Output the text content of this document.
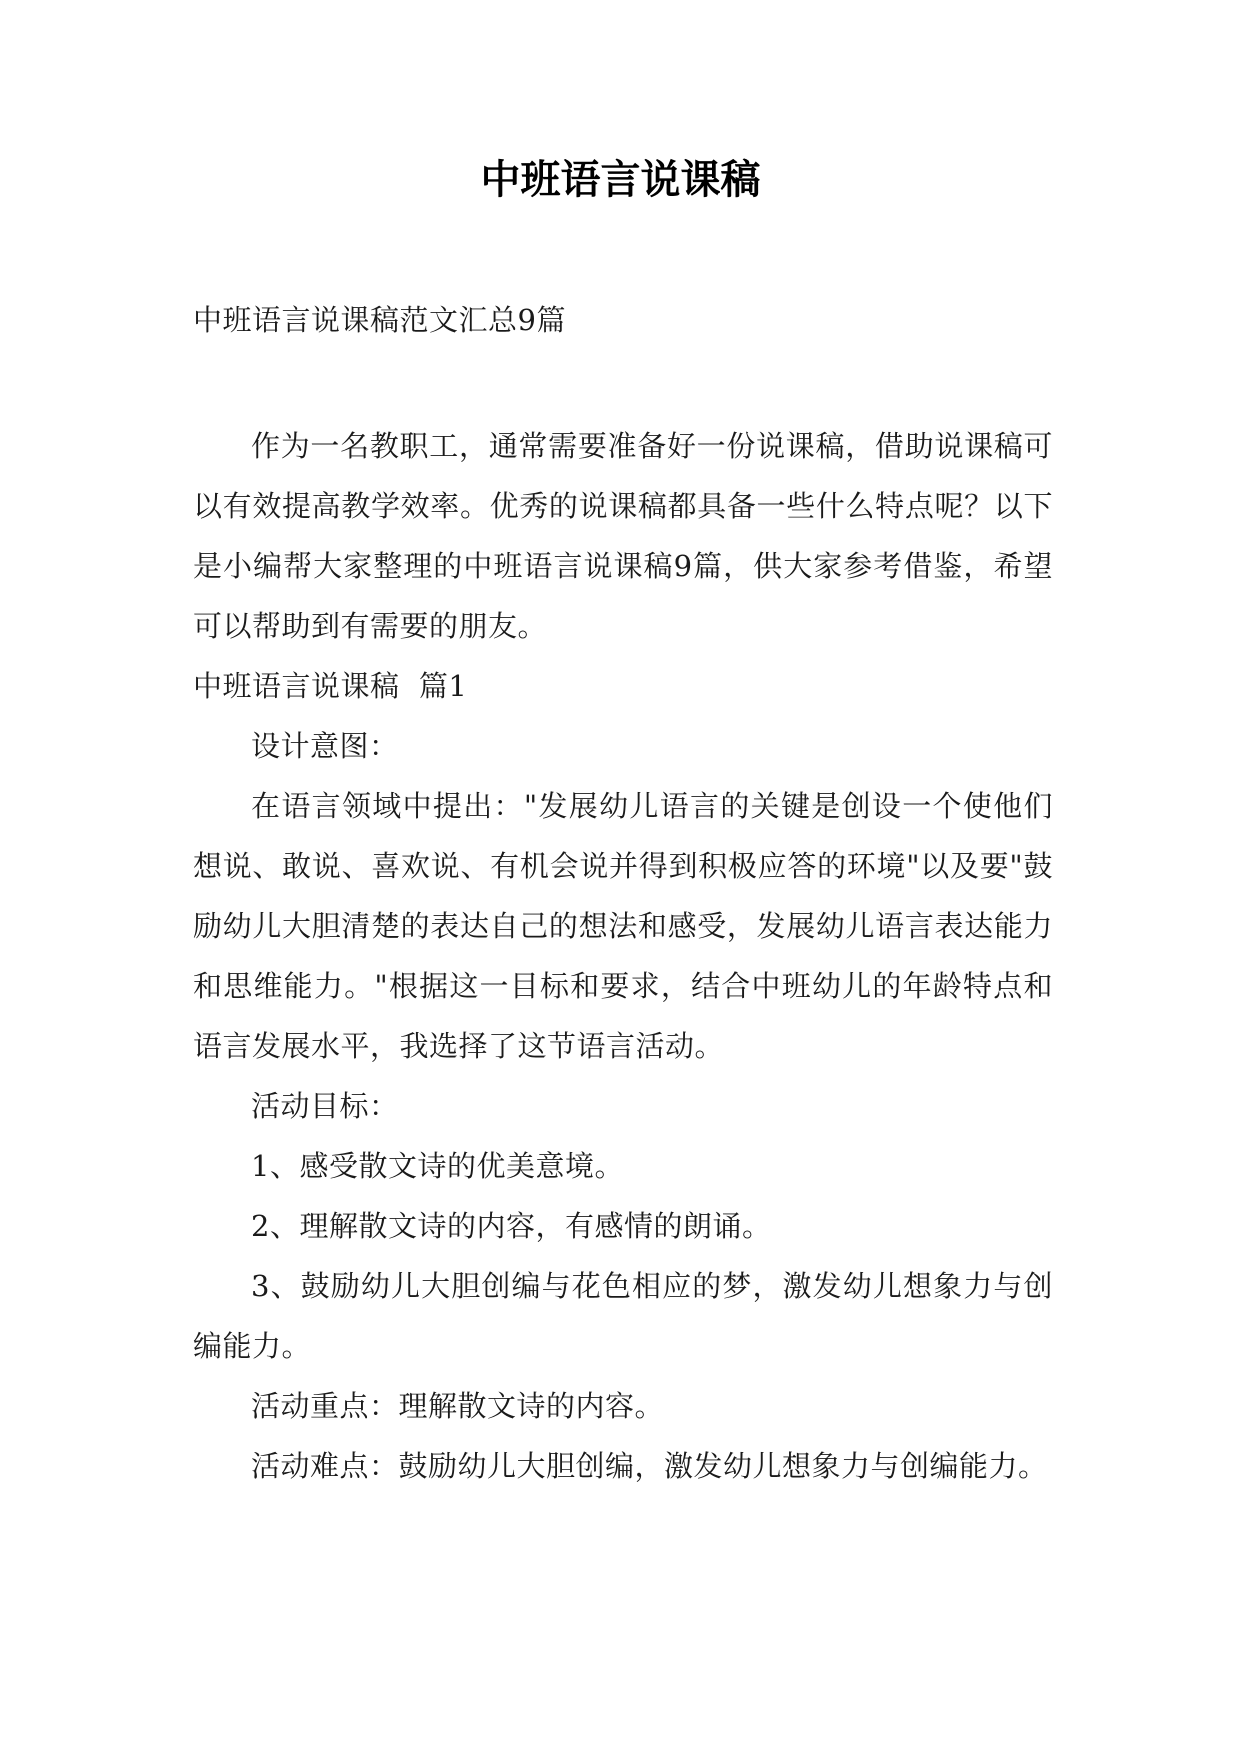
中班语言说课稿

中班语言说课稿范文汇总9篇

作为一名教职工，通常需要准备好一份说课稿，借助说课稿可以有效提高教学效率。优秀的说课稿都具备一些什么特点呢？以下是小编帮大家整理的中班语言说课稿9篇，供大家参考借鉴，希望可以帮助到有需要的朋友。

中班语言说课稿  篇1

设计意图：

在语言领域中提出："发展幼儿语言的关键是创设一个使他们想说、敢说、喜欢说、有机会说并得到积极应答的环境"以及要"鼓励幼儿大胆清楚的表达自己的想法和感受，发展幼儿语言表达能力和思维能力。"根据这一目标和要求，结合中班幼儿的年龄特点和语言发展水平，我选择了这节语言活动。

活动目标：

1、感受散文诗的优美意境。

2、理解散文诗的内容，有感情的朗诵。

3、鼓励幼儿大胆创编与花色相应的梦，激发幼儿想象力与创编能力。

活动重点：理解散文诗的内容。

活动难点：鼓励幼儿大胆创编，激发幼儿想象力与创编能力。
